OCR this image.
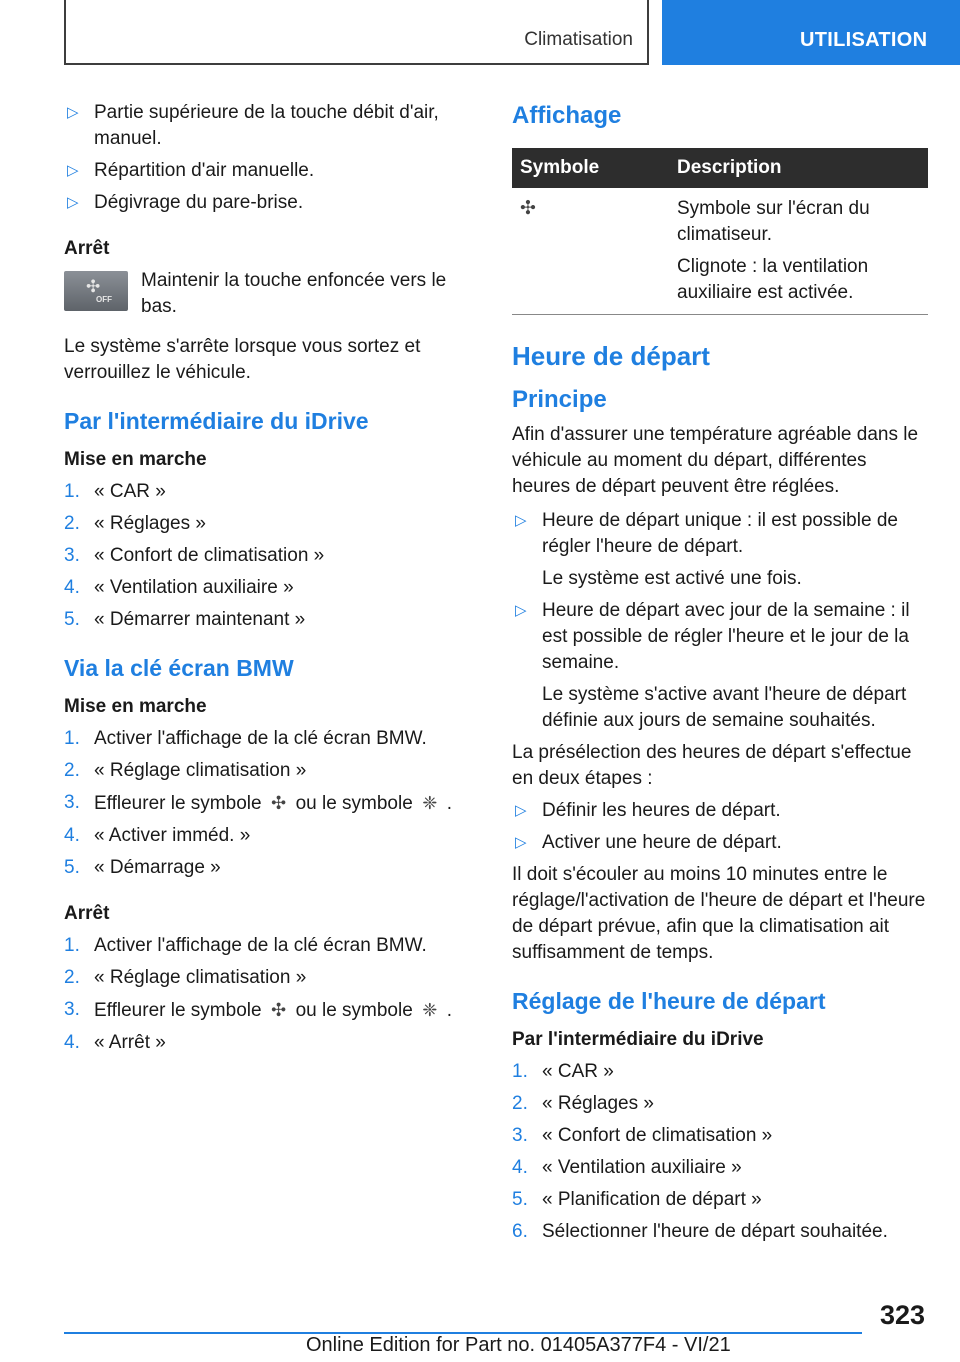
Climatisation	UTILISATION
▷ Partie supérieure de la touche débit d'air, manuel.
▷ Répartition d'air manuelle.
▷ Dégivrage du pare-brise.
Arrêt
✣
OFF

Maintenir la touche enfoncée vers le bas.

Le système s'arrête lorsque vous sortez et verrouillez le véhicule.

Par l'intermédiaire du iDrive
Mise en marche
1. « CAR »
2. « Réglages »
3. « Confort de climatisation »
4. « Ventilation auxiliaire »
5. « Démarrer maintenant »
Via la clé écran BMW
Mise en marche
1. Activer l'affichage de la clé écran BMW.
2. « Réglage climatisation »
3. Effleurer le symbole ✣ ou le symbole ❈ .
4. « Activer imméd. »
5. « Démarrage »
Arrêt
1. Activer l'affichage de la clé écran BMW.
2. « Réglage climatisation »
3. Effleurer le symbole ✣ ou le symbole ❈ .
4. « Arrêt »
Affichage
Symbole	Description
✣	Symbole sur l'écran du climatiseur.

Clignote : la ventilation auxiliaire est activée.

Heure de départ
Principe

Afin d'assurer une température agréable dans le véhicule au moment du départ, différentes heures de départ peuvent être réglées.

▷ Heure de départ unique : il est possible de régler l'heure de départ.

Le système est activé une fois.

▷ Heure de départ avec jour de la semaine : il est possible de régler l'heure et le jour de la semaine.

Le système s'active avant l'heure de départ définie aux jours de semaine souhaités.

La présélection des heures de départ s'effectue en deux étapes :

▷ Définir les heures de départ.
▷ Activer une heure de départ.

Il doit s'écouler au moins 10 minutes entre le réglage/l'activation de l'heure de départ et l'heure de départ prévue, afin que la climatisation ait suffisamment de temps.

Réglage de l'heure de départ
Par l'intermédiaire du iDrive
1. « CAR »
2. « Réglages »
3. « Confort de climatisation »
4. « Ventilation auxiliaire »
5. « Planification de départ »
6. Sélectionner l'heure de départ souhaitée.
323
Online Edition for Part no. 01405A377F4 - VI/21
